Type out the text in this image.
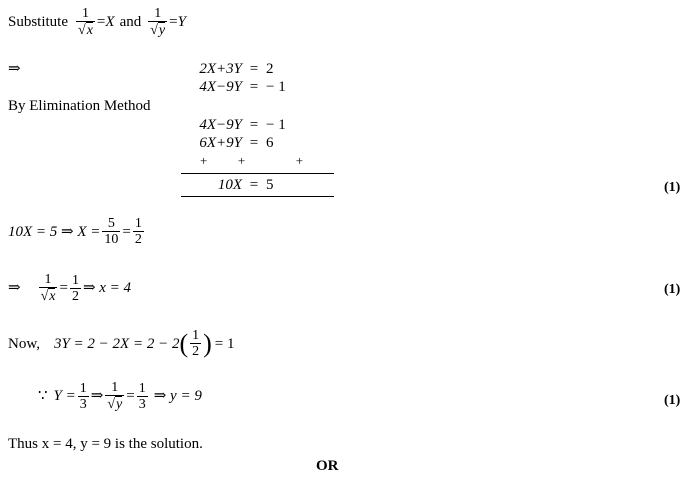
Substitute $\frac{1}{√x} = X$ and $\frac{1}{√y} = Y$
⇒	2X+3Y = 2
4X−9Y = − 1
By Elimination Method
4X−9Y = − 1
6X+9Y = 6
+ +	+
10X = 5	(1)
10X = 5 ⇒ $X = \frac{5}{10} = \frac{1}{2}$
⇒ $\frac{1}{√x} = \frac{1}{2}$ ⇒ x = 4	(1)
Now, 3Y = 2 − 2X = 2 − 2 ( $\frac{1}{2}$ ) = 1
∵ $Y = \frac{1}{3}$ ⇒ $\frac{1}{√y} = \frac{1}{3}$ ⇒ y = 9	(1)
Thus x = 4, y = 9 is the solution.
OR
